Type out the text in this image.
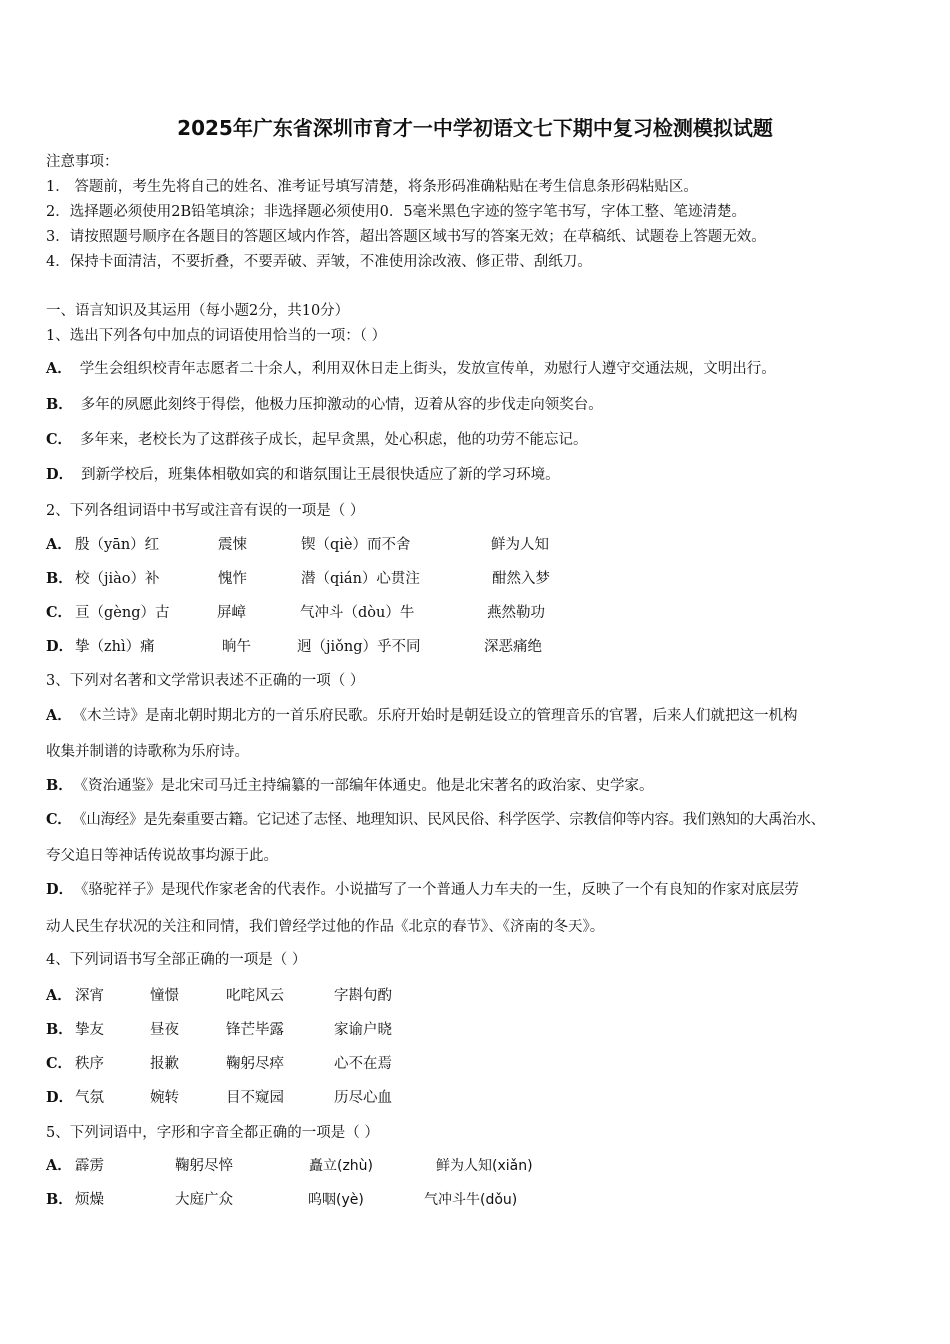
2025年广东省深圳市育才一中学初语文七下期中复习检测模拟试题
注意事项：
1． 答题前，考生先将自己的姓名、准考证号填写清楚，将条形码准确粘贴在考生信息条形码粘贴区。
2．选择题必须使用2B铅笔填涂；非选择题必须使用0．5毫米黑色字迹的签字笔书写，字体工整、笔迹清楚。
3．请按照题号顺序在各题目的答题区域内作答，超出答题区域书写的答案无效；在草稿纸、试题卷上答题无效。
4．保持卡面清洁，不要折叠，不要弄破、弄皱，不准使用涂改液、修正带、刮纸刀。
一、语言知识及其运用（每小题2分，共10分）
1、选出下列各句中加点的词语使用恰当的一项：（ ）
A． 学生会组织校青年志愿者二十余人，利用双休日走上街头，发放宣传单，劝慰行人遵守交通法规，文明出行。
B． 多年的夙愿此刻终于得偿，他极力压抑激动的心情，迈着从容的步伐走向领奖台。
C． 多年来，老校长为了这群孩子成长，起早贪黑，处心积虑，他的功劳不能忘记。
D． 到新学校后，班集体相敬如宾的和谐氛围让王晨很快适应了新的学习环境。
2、下列各组词语中书写或注音有误的一项是（ ）
A． 殷（yān）红	震悚	锲（qiè）而不舍	鲜为人知
B． 校（jiào）补	愧怍	潜（qián）心贯注	酣然入梦
C． 亘（gèng）古	屏嶂	气冲斗（dòu）牛	燕然勒功
D． 挚（zhì）痛	晌午	迥（jiǒng）乎不同	深恶痛绝
3、下列对名著和文学常识表述不正确的一项（ ）
A． 《木兰诗》是南北朝时期北方的一首乐府民歌。乐府开始时是朝廷设立的管理音乐的官署，后来人们就把这一机构
收集并制谱的诗歌称为乐府诗。
B． 《资治通鉴》是北宋司马迁主持编纂的一部编年体通史。他是北宋著名的政治家、史学家。
C． 《山海经》是先秦重要古籍。它记述了志怪、地理知识、民风民俗、科学医学、宗教信仰等内容。我们熟知的大禹治水、
夸父追日等神话传说故事均源于此。
D． 《骆驼祥子》是现代作家老舍的代表作。小说描写了一个普通人力车夫的一生，反映了一个有良知的作家对底层劳
动人民生存状况的关注和同情，我们曾经学过他的作品《北京的春节》、《济南的冬天》。
4、下列词语书写全部正确的一项是（ ）
A． 深宵	憧憬	叱咤风云	字斟句酌
B． 挚友	昼夜	锋芒毕露	家谕户晓
C． 秩序	报歉	鞠躬尽瘁	心不在焉
D． 气氛	婉转	目不窥园	历尽心血
5、下列词语中，字形和字音全都正确的一项是（ ）
A． 霹雳	鞠躬尽悴	矗立(zhù)	鲜为人知(xiǎn)
B． 烦燥	大庭广众	呜咽(yè)	气冲斗牛(dǒu)
